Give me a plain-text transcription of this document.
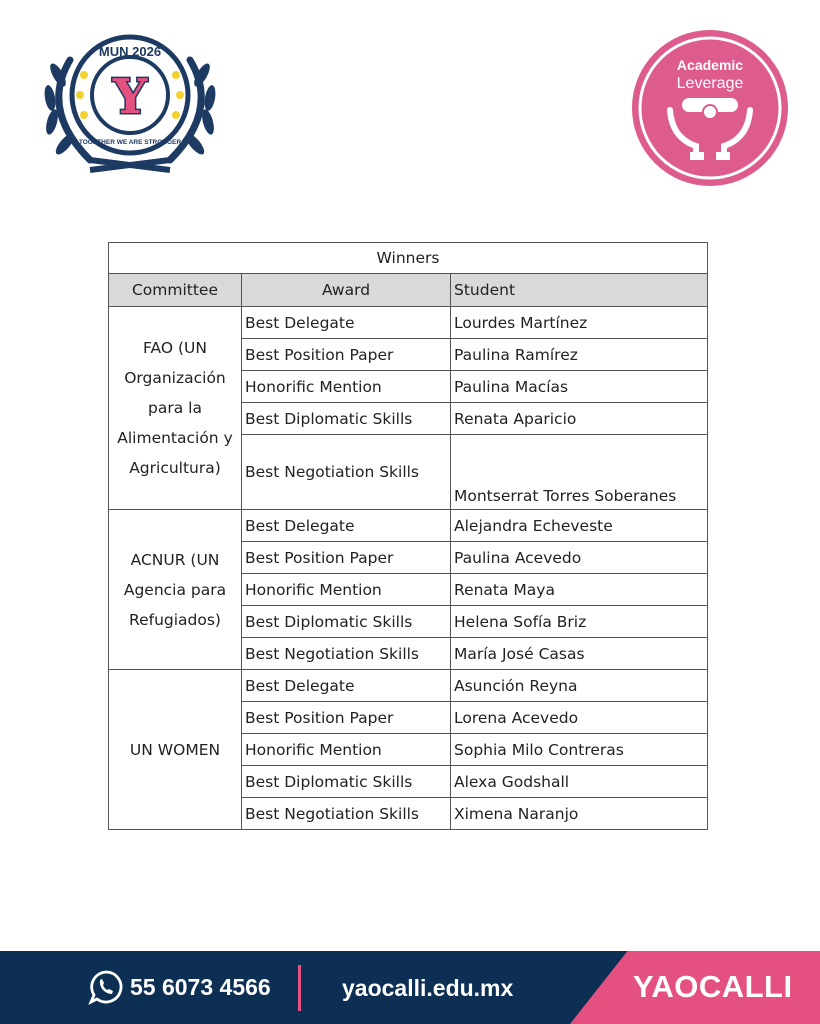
MUN 2026
Y
TOGETHER WE ARE STRONGER
Academic
Leverage
Winners		
Committee	Award	Student

FAO (UN
Organización
para la
Alimentación y
Agricultura)	Best Delegate	Lourdes Martínez
	Best Position Paper	Paulina Ramírez
	Honorific Mention	Paulina Macías
	Best Diplomatic Skills	Renata Aparicio
	Best Negotiation Skills	Montserrat Torres Soberanes

ACNUR (UN
Agencia para
Refugiados)	Best Delegate	Alejandra Echeveste
	Best Position Paper	Paulina Acevedo
	Honorific Mention	Renata Maya
	Best Diplomatic Skills	Helena Sofía Briz
	Best Negotiation Skills	María José Casas

UN WOMEN	Best Delegate	Asunción Reyna
	Best Position Paper	Lorena Acevedo
	Honorific Mention	Sophia Milo Contreras
	Best Diplomatic Skills	Alexa Godshall
	Best Negotiation Skills	Ximena Naranjo
55 6073 4566	yaocalli.edu.mx	YAOCALLI
